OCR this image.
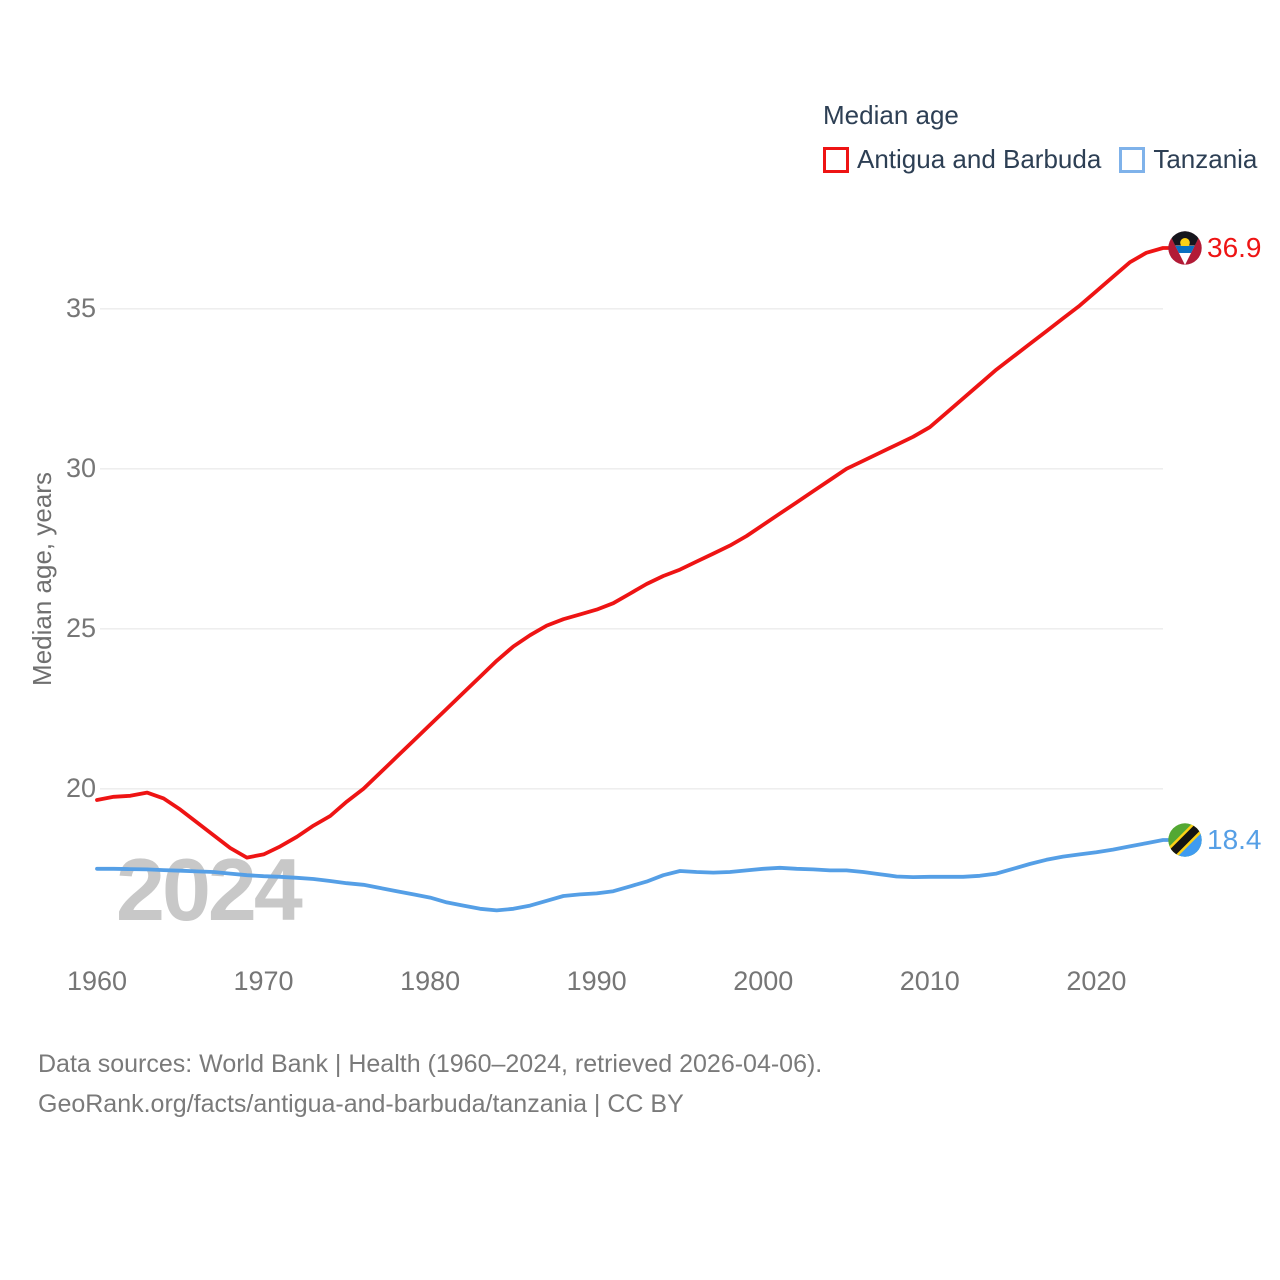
2024
Median age, years
Median age
Antigua and Barbuda Tanzania
36.9
18.4
Data sources: World Bank | Health (1960–2024, retrieved 2026-04-06).
GeoRank.org/facts/antigua-and-barbuda/tanzania | CC BY
20
25
30
35
1960	1970	1980	1990	2000	2010	2020
